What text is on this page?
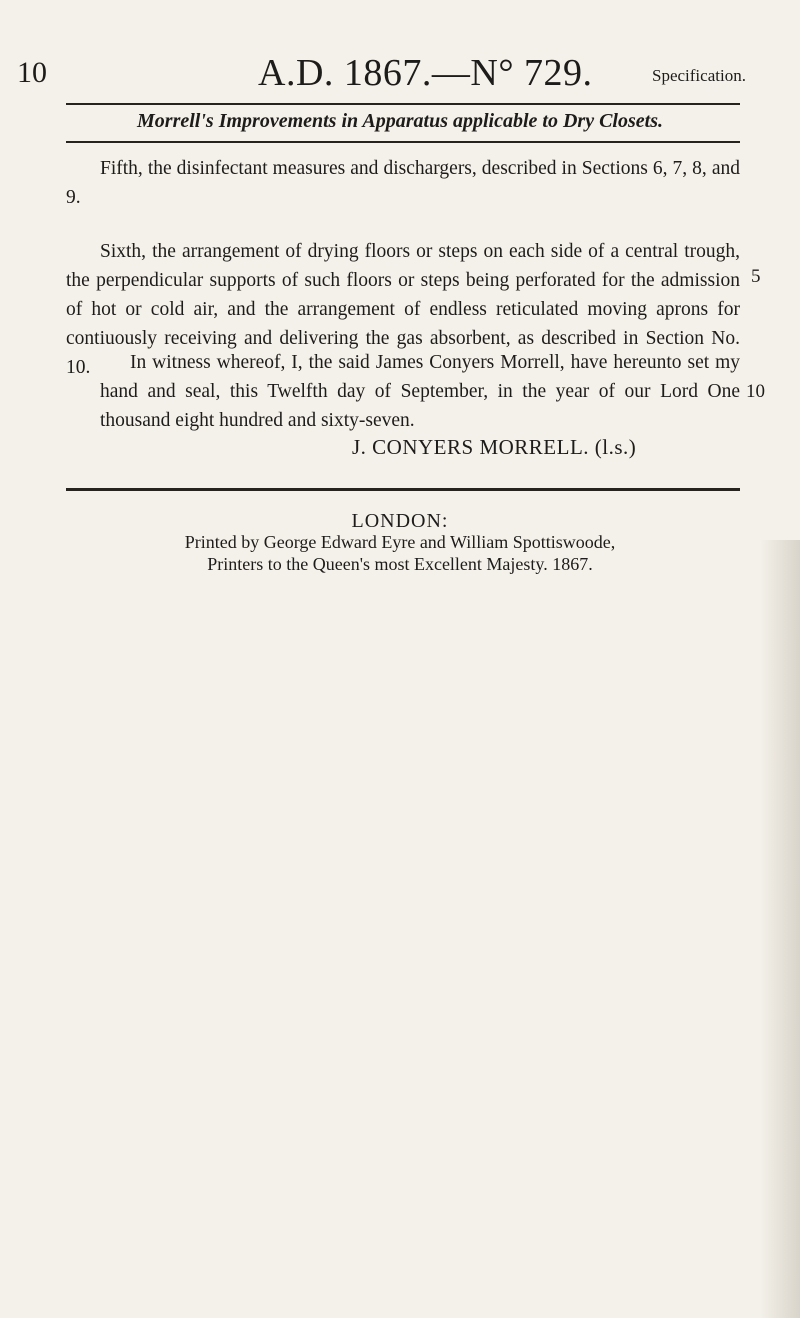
10	A.D. 1867.—N° 729.	Specification.
Morrell's Improvements in Apparatus applicable to Dry Closets.

Fifth, the disinfectant measures and dischargers, described in Sections 6, 7, 8, and 9.

Sixth, the arrangement of drying floors or steps on each side of a central trough, the perpendicular supports of such floors or steps being perforated for the admission of hot or cold air, and the arrangement of endless reticulated moving aprons for contiuously receiving and delivering the gas absorbent, as described in Section No. 10.	In witness whereof, I, the said James Conyers Morrell, have hereunto set my hand and seal, this Twelfth day of September, in the year of our Lord One thousand eight hundred and sixty-seven.

5
10
J. CONYERS MORRELL. (l.s.)
LONDON:

Printed by George Edward Eyre and William Spottiswoode,

Printers to the Queen's most Excellent Majesty. 1867.
